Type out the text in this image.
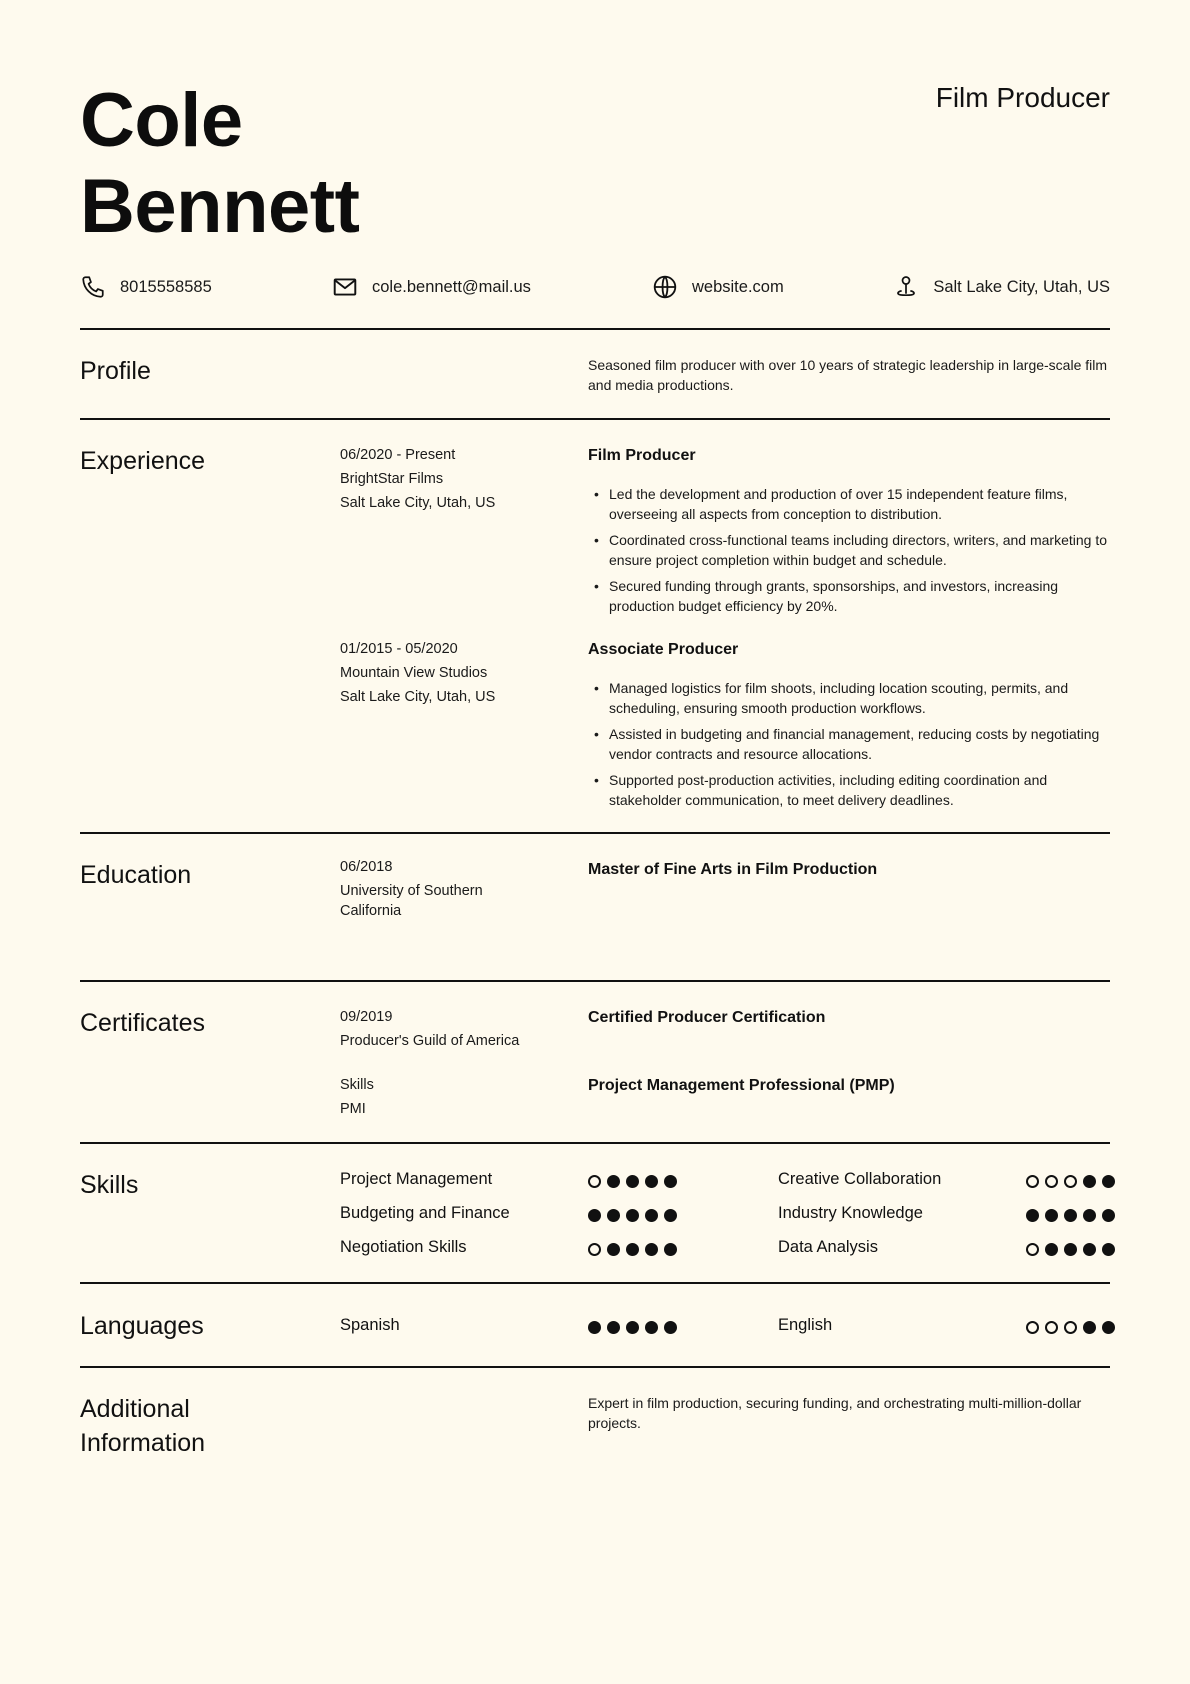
Cole
Bennett
Film Producer
8015558585	cole.bennett@mail.us	website.com	Salt Lake City, Utah, US
Profile	Seasoned film producer with over 10 years of strategic leadership in large-scale film and media productions.
Experience	06/2020 - Present
BrightStar Films
Salt Lake City, Utah, US
Film Producer
• Led the development and production of over 15 independent feature films, overseeing all aspects from conception to distribution.
• Coordinated cross-functional teams including directors, writers, and marketing to ensure project completion within budget and schedule.
• Secured funding through grants, sponsorships, and investors, increasing production budget efficiency by 20%.
01/2015 - 05/2020
Mountain View Studios
Salt Lake City, Utah, US
Associate Producer
• Managed logistics for film shoots, including location scouting, permits, and scheduling, ensuring smooth production workflows.
• Assisted in budgeting and financial management, reducing costs by negotiating vendor contracts and resource allocations.
• Supported post-production activities, including editing coordination and stakeholder communication, to meet delivery deadlines.
Education	06/2018
University of Southern California
Master of Fine Arts in Film Production
Certificates	09/2019
Producer's Guild of America
Certified Producer Certification
Skills
PMI
Project Management Professional (PMP)
Skills	Project Management	Creative Collaboration
Budgeting and Finance	Industry Knowledge
Negotiation Skills	Data Analysis
Languages	Spanish	English
Additional Information
Expert in film production, securing funding, and orchestrating multi-million-dollar projects.
